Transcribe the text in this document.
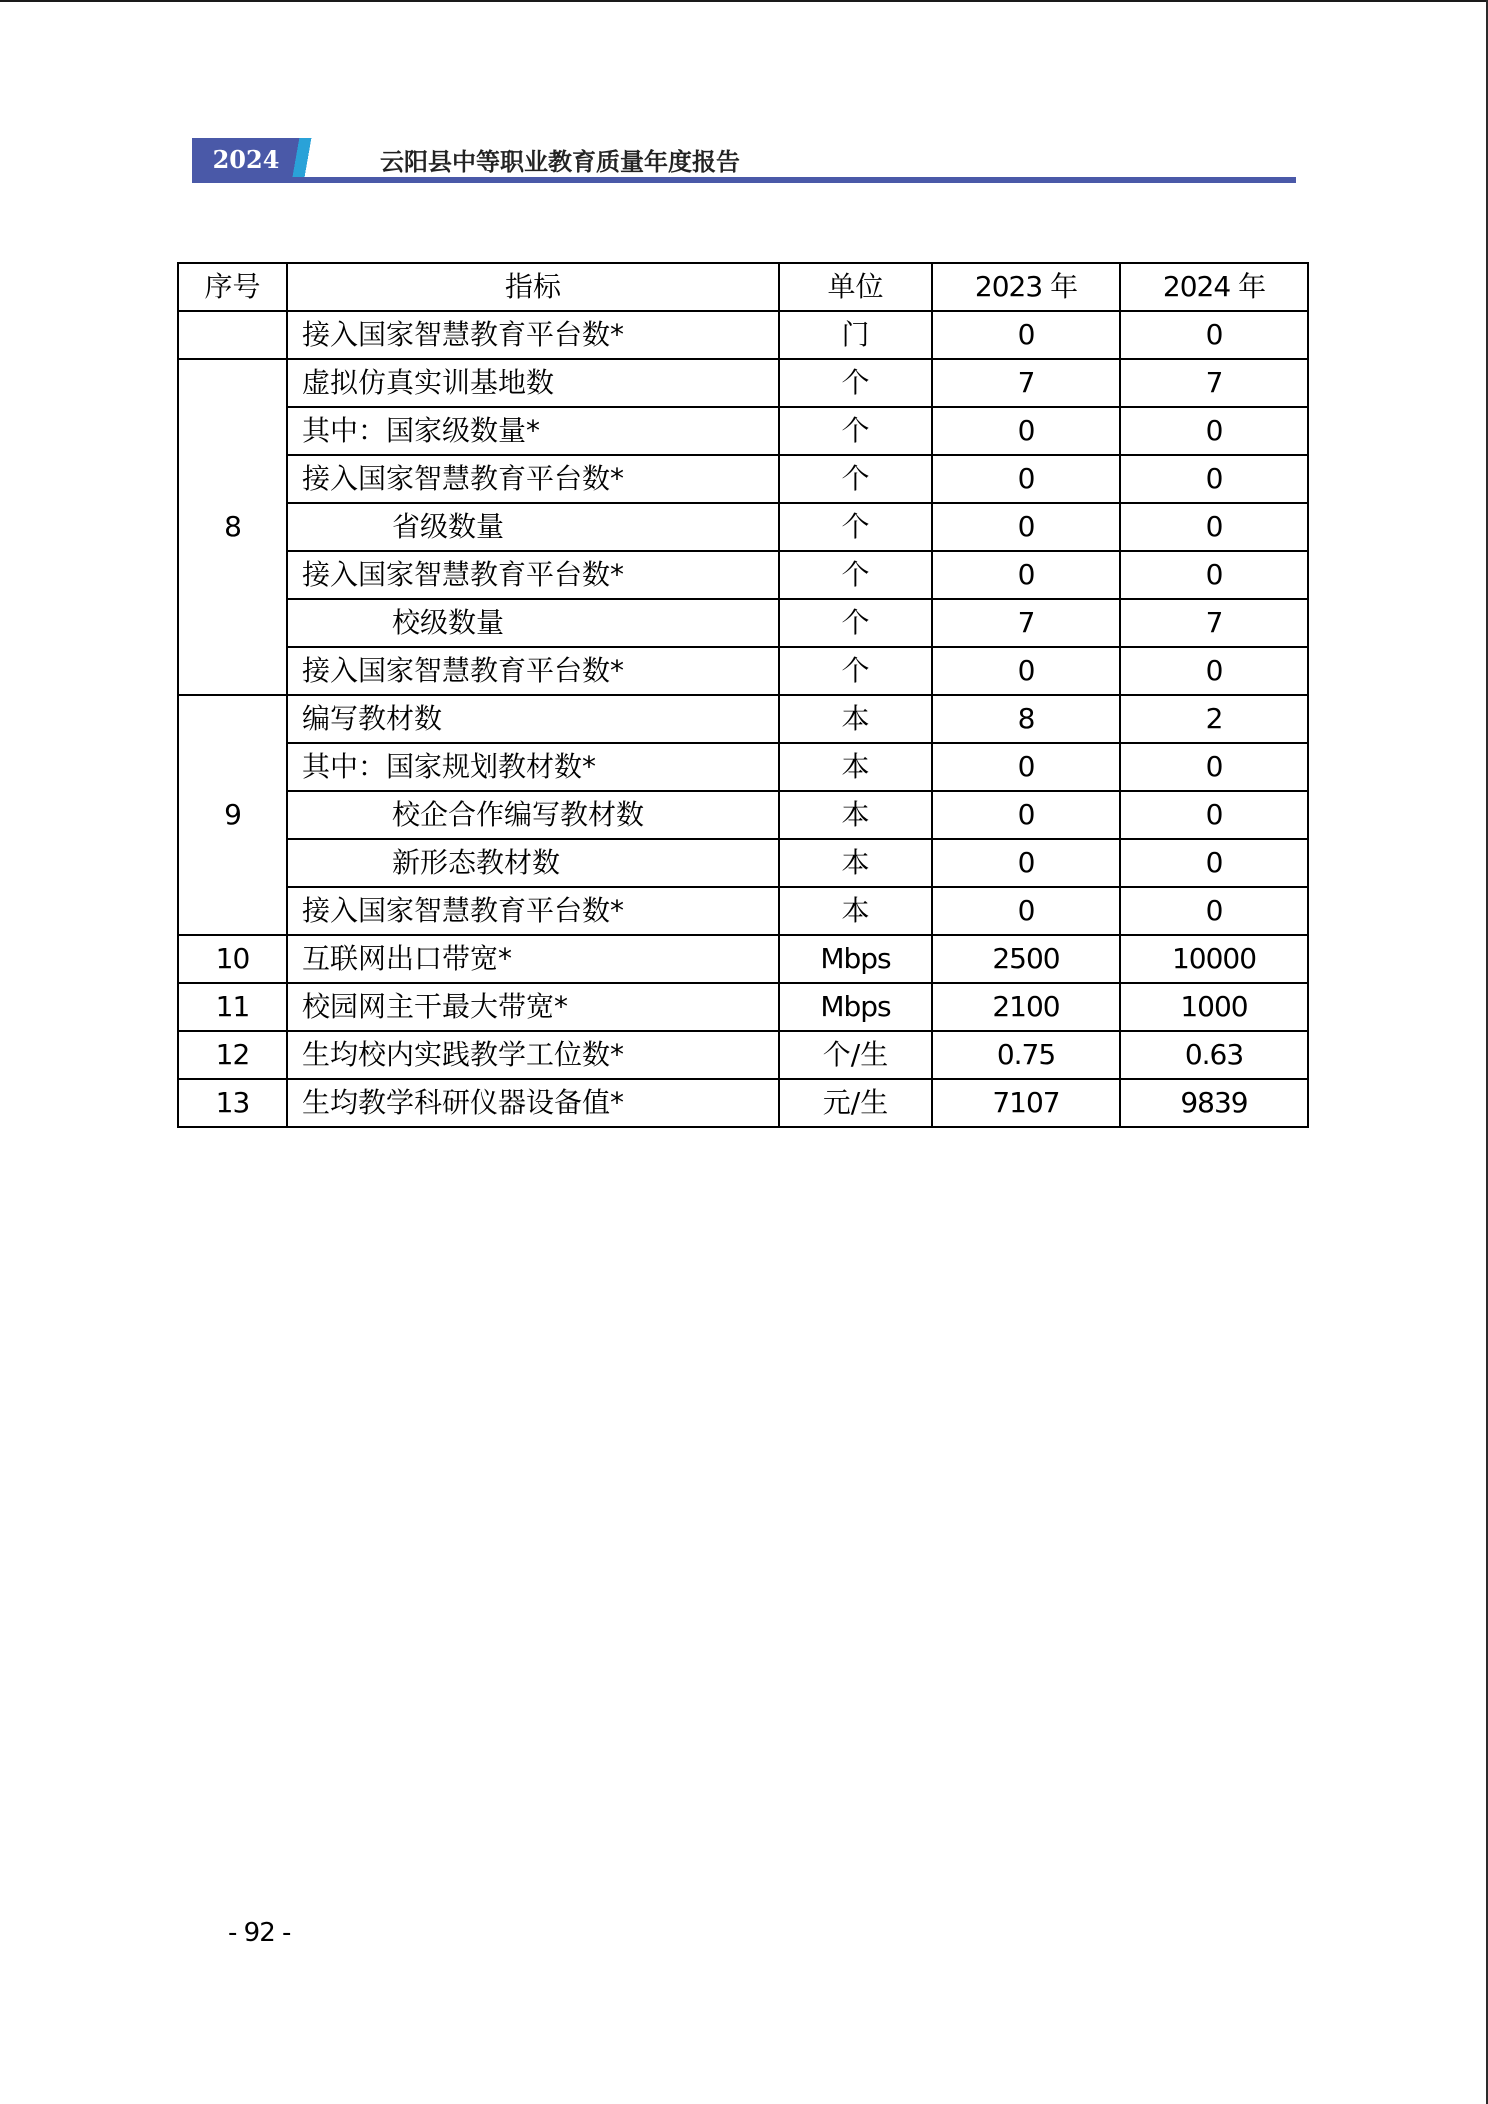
2024	云阳县中等职业教育质量年度报告
序号	指标	单位	2023 年	2024 年
	接入国家智慧教育平台数*	门	0	0
8	虚拟仿真实训基地数	个	7	7
	其中：国家级数量*	个	0	0
	接入国家智慧教育平台数*	个	0	0
	省级数量	个	0	0
	接入国家智慧教育平台数*	个	0	0
	校级数量	个	7	7
	接入国家智慧教育平台数*	个	0	0
9	编写教材数	本	8	2
	其中：国家规划教材数*	本	0	0
	校企合作编写教材数	本	0	0
	新形态教材数	本	0	0
	接入国家智慧教育平台数*	本	0	0
10	互联网出口带宽*	Mbps	2500	10000
11	校园网主干最大带宽*	Mbps	2100	1000
12	生均校内实践教学工位数*	个/生	0.75	0.63
13	生均教学科研仪器设备值*	元/生	7107	9839
- 92 -
